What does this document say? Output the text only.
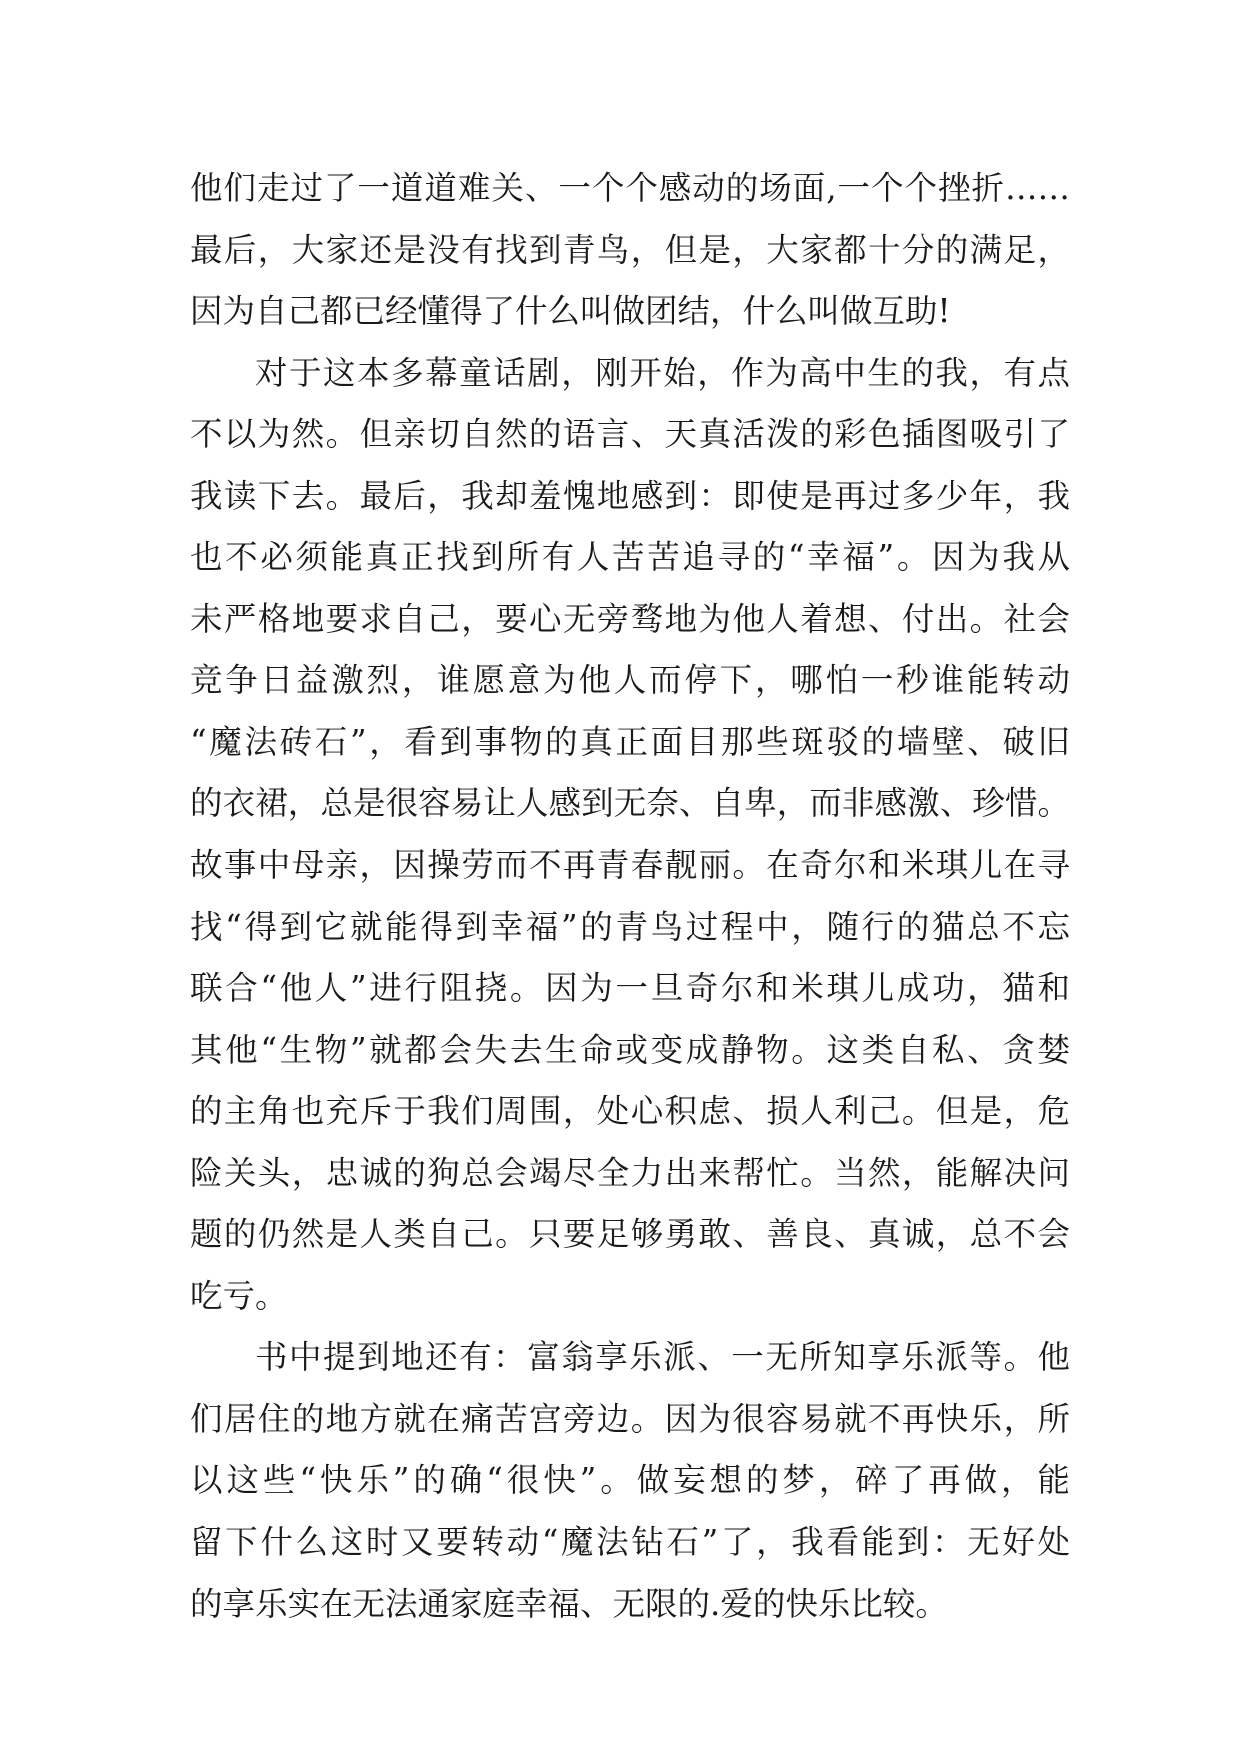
他们走过了一道道难关、一个个感动的场面,一个个挫折……
最后，大家还是没有找到青鸟，但是，大家都十分的满足，
因为自己都已经懂得了什么叫做团结，什么叫做互助!
对于这本多幕童话剧，刚开始，作为高中生的我，有点
不以为然。但亲切自然的语言、天真活泼的彩色插图吸引了
我读下去。最后，我却羞愧地感到：即使是再过多少年，我
也不必须能真正找到所有人苦苦追寻的“幸福”。因为我从
未严格地要求自己，要心无旁骛地为他人着想、付出。社会
竞争日益激烈，谁愿意为他人而停下，哪怕一秒谁能转动
“魔法砖石”，看到事物的真正面目那些斑驳的墙壁、破旧
的衣裙，总是很容易让人感到无奈、自卑，而非感激、珍惜。
故事中母亲，因操劳而不再青春靓丽。在奇尔和米琪儿在寻
找“得到它就能得到幸福”的青鸟过程中，随行的猫总不忘
联合“他人”进行阻挠。因为一旦奇尔和米琪儿成功，猫和
其他“生物”就都会失去生命或变成静物。这类自私、贪婪
的主角也充斥于我们周围，处心积虑、损人利己。但是，危
险关头，忠诚的狗总会竭尽全力出来帮忙。当然，能解决问
题的仍然是人类自己。只要足够勇敢、善良、真诚，总不会
吃亏。
书中提到地还有：富翁享乐派、一无所知享乐派等。他
们居住的地方就在痛苦宫旁边。因为很容易就不再快乐，所
以这些“快乐”的确“很快”。做妄想的梦，碎了再做，能
留下什么这时又要转动“魔法钻石”了，我看能到：无好处
的享乐实在无法通家庭幸福、无限的.爱的快乐比较。
